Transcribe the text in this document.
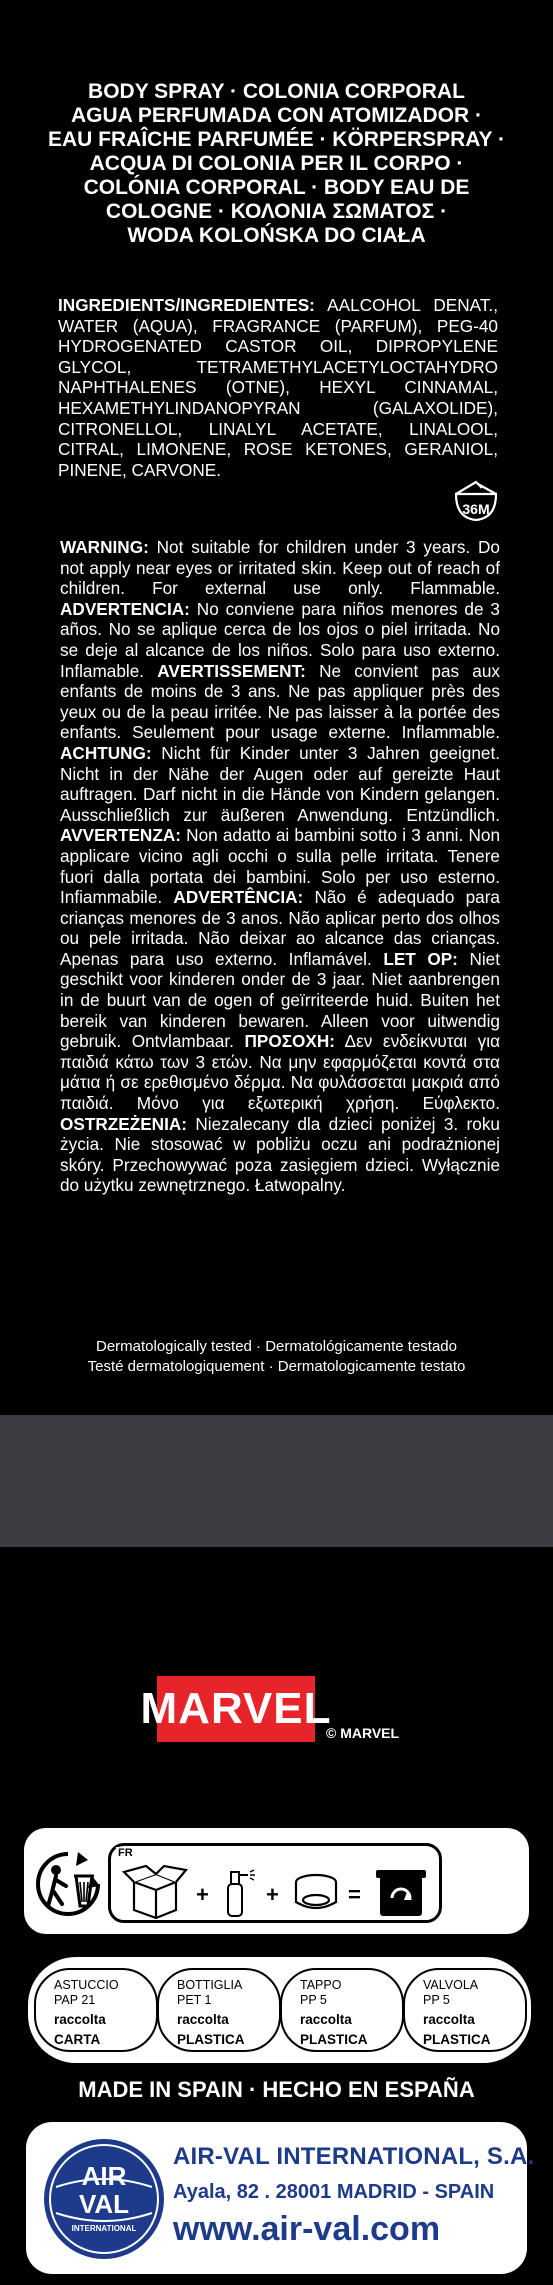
BODY SPRAY · COLONIA CORPORAL
AGUA PERFUMADA CON ATOMIZADOR ·
EAU FRAÎCHE PARFUMÉE · KÖRPERSPRAY ·
ACQUA DI COLONIA PER IL CORPO ·
COLÓNIA CORPORAL · BODY EAU DE
COLOGNE · ΚΟΛΟΝΙΑ ΣΩΜΑΤΟΣ ·
WODA KOLOŃSKA DO CIAŁA
INGREDIENTS/INGREDIENTES: AALCOHOL DENAT., WATER (AQUA), FRAGRANCE (PARFUM), PEG-40 HYDROGENATED CASTOR OIL, DIPROPYLENE GLYCOL, TETRAMETHYLACETYLOCTAHYDRO NAPHTHALENES (OTNE), HEXYL CINNAMAL, HEXAMETHYLINDANOPYRAN (GALAXOLIDE), CITRONELLOL, LINALYL ACETATE, LINALOOL, CITRAL, LIMONENE, ROSE KETONES, GERANIOL, PINENE, CARVONE.
36M

WARNING: Not suitable for children under 3 years. Do not apply near eyes or irritated skin. Keep out of reach of children. For external use only. Flammable. ADVERTENCIA: No conviene para niños menores de 3 años. No se aplique cerca de los ojos o piel irritada. No se deje al alcance de los niños. Solo para uso externo. Inflamable. AVERTISSEMENT: Ne convient pas aux enfants de moins de 3 ans. Ne pas appliquer près des yeux ou de la peau irritée. Ne pas laisser à la portée des enfants. Seulement pour usage externe. Inflammable. ACHTUNG: Nicht für Kinder unter 3 Jahren geeignet. Nicht in der Nähe der Augen oder auf gereizte Haut auftragen. Darf nicht in die Hände von Kindern gelangen. Ausschließlich zur äußeren Anwendung. Entzündlich. AVVERTENZA: Non adatto ai bambini sotto i 3 anni. Non applicare vicino agli occhi o sulla pelle irritata. Tenere fuori dalla portata dei bambini. Solo per uso esterno. Infiammabile. ADVERTÊNCIA: Não é adequado para crianças menores de 3 anos. Não aplicar perto dos olhos ou pele irritada. Não deixar ao alcance das crianças. Apenas para uso externo. Inflamável. LET OP: Niet geschikt voor kinderen onder de 3 jaar. Niet aanbrengen in de buurt van de ogen of geïrriteerde huid. Buiten het bereik van kinderen bewaren. Alleen voor uitwendig gebruik. Ontvlambaar. ΠΡΟΣΟΧΗ: Δεν ενδείκνυται για παιδιά κάτω των 3 ετών. Να μην εφαρμόζεται κοντά στα μάτια ή σε ερεθισμένο δέρμα. Να φυλάσσεται μακριά από παιδιά. Μόνο για εξωτερική χρήση. Εύφλεκτο. OSTRZEŻENIA: Niezalecany dla dzieci poniżej 3. roku życia. Nie stosować w pobliżu oczu ani podrażnionej skóry. Przechowywać poza zasięgiem dzieci. Wyłącznie do użytku zewnętrznego. Łatwopalny.

Dermatologically tested · Dermatológicamente testado
Testé dermatologiquement · Dermatologicamente testato
MARVEL
© MARVEL
FR
+	+	=
RECYCLE
ASTUCCIO
PAP 21
raccolta
CARTA
BOTTIGLIA
PET 1
raccolta
PLASTICA
TAPPO
PP 5
raccolta
PLASTICA
VALVOLA
PP 5
raccolta
PLASTICA
MADE IN SPAIN · HECHO EN ESPAÑA
AIR
VAL
INTERNATIONAL
AIR-VAL INTERNATIONAL, S.A.
Ayala, 82 . 28001 MADRID - SPAIN
www.air-val.com
